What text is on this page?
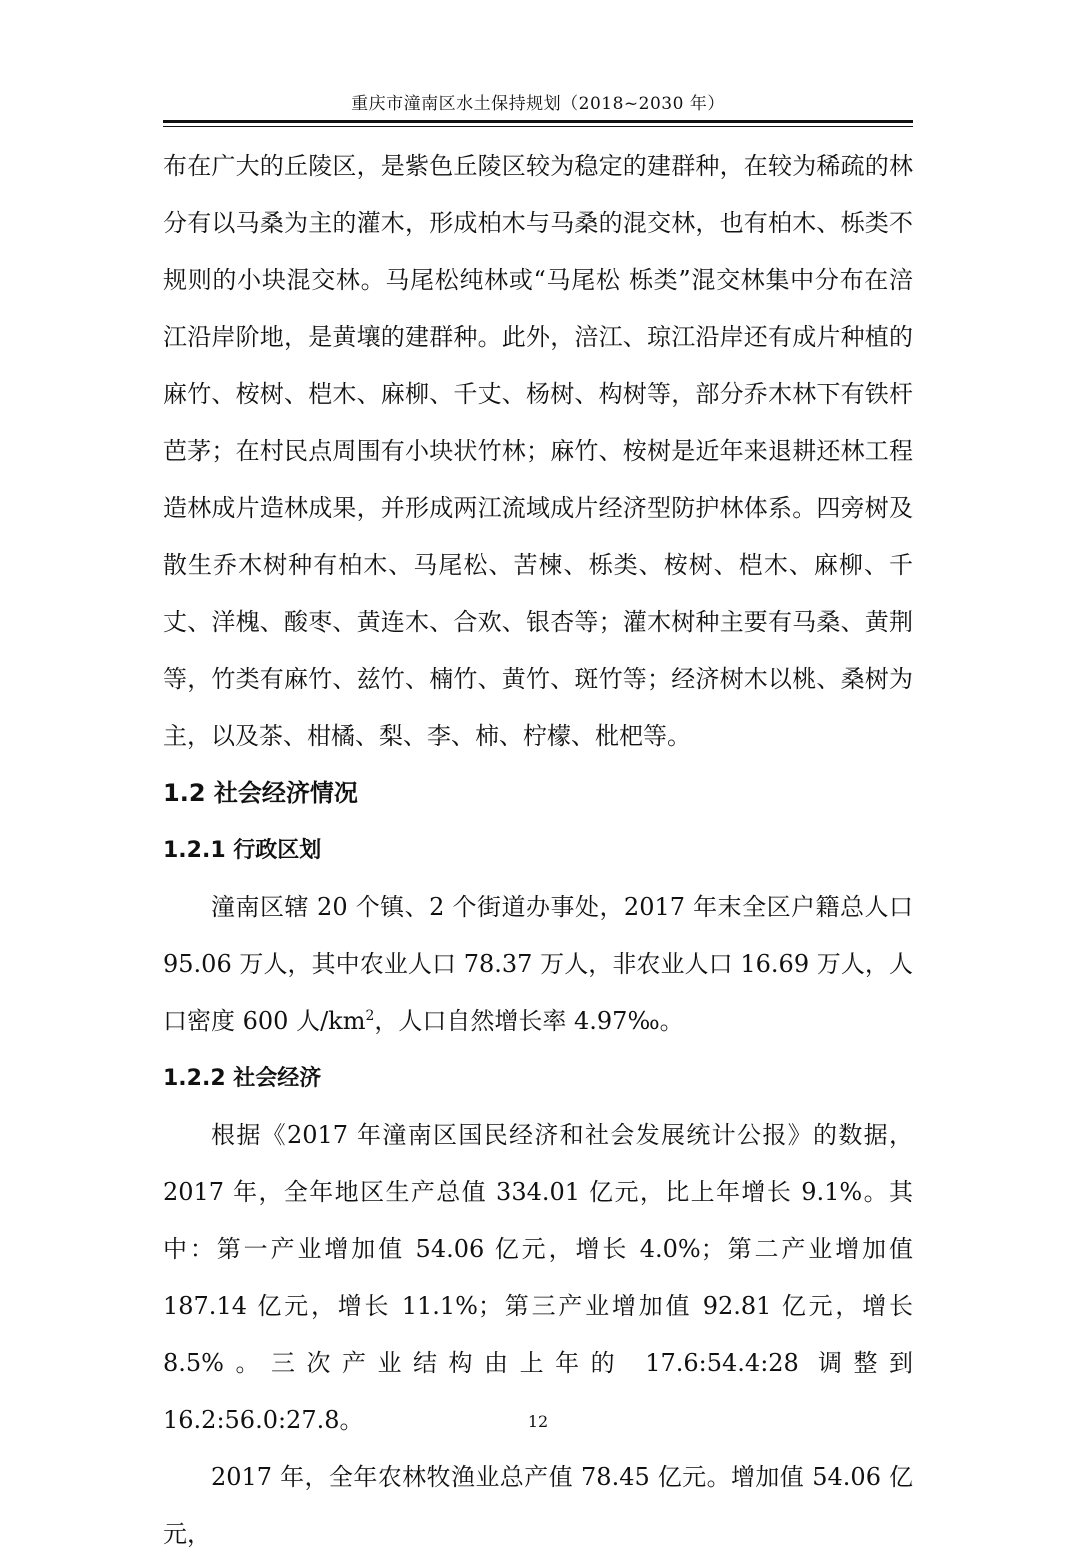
重庆市潼南区水土保持规划（2018~2030 年）

布在广大的丘陵区，是紫色丘陵区较为稳定的建群种，在较为稀疏的林分有以马桑为主的灌木，形成柏木与马桑的混交林，也有柏木、栎类不规则的小块混交林。马尾松纯林或“马尾松 栎类”混交林集中分布在涪江沿岸阶地，是黄壤的建群种。此外，涪江、琼江沿岸还有成片种植的麻竹、桉树、桤木、麻柳、千丈、杨树、构树等，部分乔木林下有铁杆芭茅；在村民点周围有小块状竹林；麻竹、桉树是近年来退耕还林工程造林成片造林成果，并形成两江流域成片经济型防护林体系。四旁树及散生乔木树种有柏木、马尾松、苦楝、栎类、桉树、桤木、麻柳、千丈、洋槐、酸枣、黄连木、合欢、银杏等；灌木树种主要有马桑、黄荆等，竹类有麻竹、兹竹、楠竹、黄竹、斑竹等；经济树木以桃、桑树为主，以及茶、柑橘、梨、李、柿、柠檬、枇杷等。

1.2 社会经济情况
1.2.1 行政区划

潼南区辖 20 个镇、2 个街道办事处，2017 年末全区户籍总人口 95.06 万人，其中农业人口 78.37 万人，非农业人口 16.69 万人，人口密度 600 人$/km^2$，人口自然增长率 4.97‰。

1.2.2 社会经济

根据《2017 年潼南区国民经济和社会发展统计公报》的数据，2017 年，全年地区生产总值 334.01 亿元，比上年增长 9.1%。其中：第一产业增加值 54.06 亿元，增长 4.0%；第二产业增加值 187.14 亿元，增长 11.1%；第三产业增加值 92.81 亿元，增长 8.5%。三次产业结构由上年的 17.6:54.4:28 调整到 16.2:56.0:27.8。

2017 年，全年农林牧渔业总产值 78.45 亿元。增加值 54.06 亿元，

12
